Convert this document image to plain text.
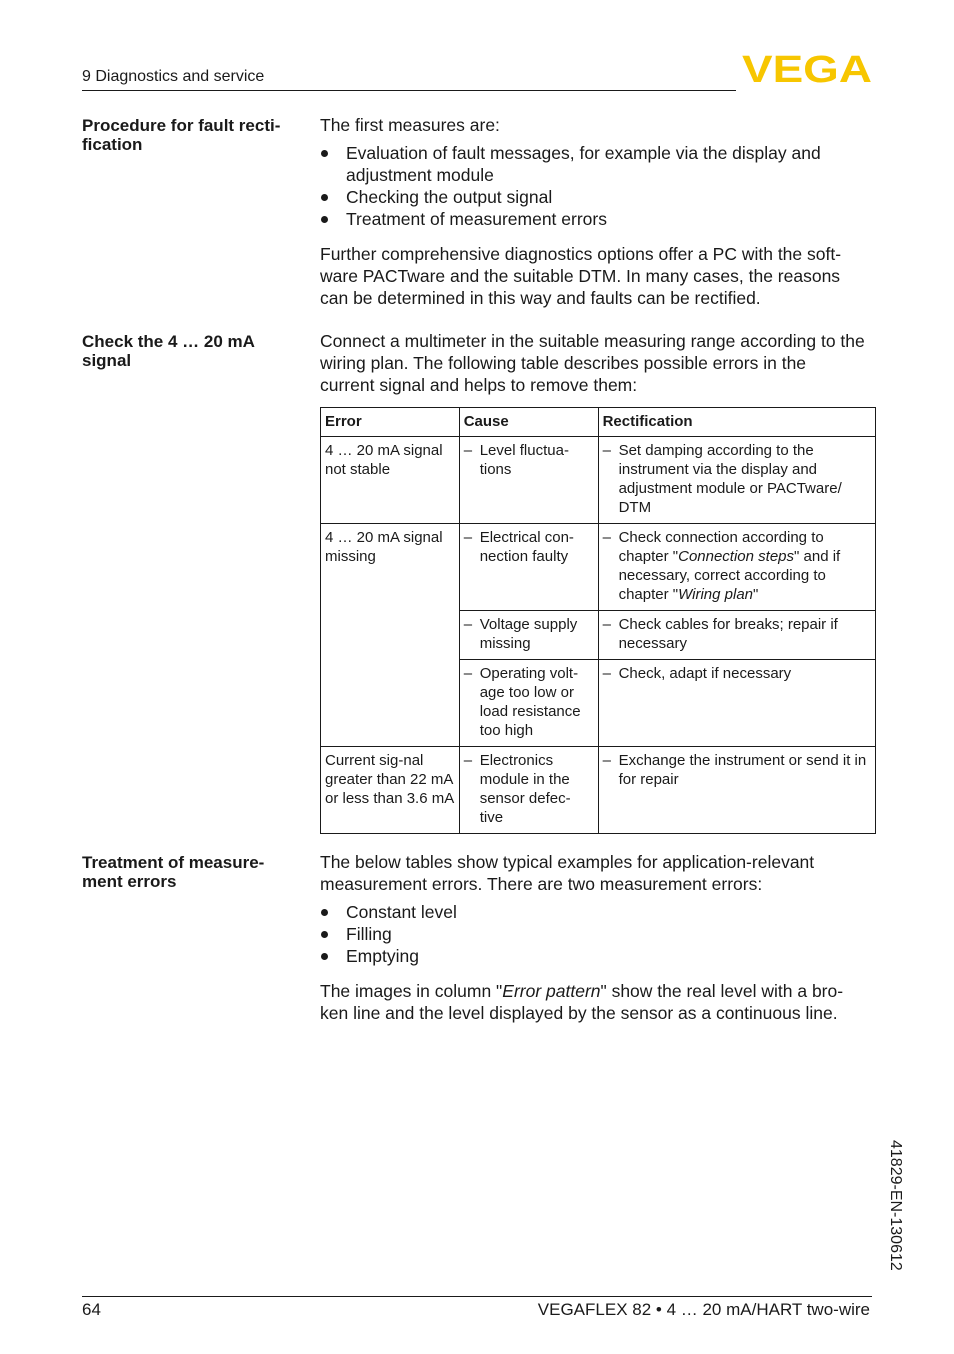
9 Diagnostics and service	VEGA
Procedure for fault recti-fication

The first measures are:

Evaluation of fault messages, for example via the display and adjustment module
Checking the output signal
Treatment of measurement errors

Further comprehensive diagnostics options offer a PC with the soft-ware PACTware and the suitable DTM. In many cases, the reasons can be determined in this way and faults can be rectified.

Check the 4 … 20 mA signal
Connect a multimeter in the suitable measuring range according to the wiring plan. The following table describes possible errors in the current signal and helps to remove them:
Error	Cause	Rectification
4 … 20 mA signal not stable	– Level fluctua-tions	– Set damping according to the instrument via the display and adjustment module or PACTware/ DTM

4 … 20 mA signal missing	– Electrical con-nection faulty	– Check connection according to chapter "Connection steps" and if necessary, correct according to chapter "Wiring plan"

	– Voltage supply missing	– Check cables for breaks; repair if necessary

	– Operating volt-age too low or load resistance too high	– Check, adapt if necessary

Current sig-nal greater than 22 mA or less than 3.6 mA	– Electronics module in the sensor defec-tive	– Exchange the instrument or send it in for repair
Treatment of measure-ment errors

The below tables show typical examples for application-relevant measurement errors. There are two measurement errors:

Constant level
Filling
Emptying

The images in column "Error pattern" show the real level with a bro-ken line and the level displayed by the sensor as a continuous line.

41829-EN-130612
64	VEGAFLEX 82 • 4 … 20 mA/HART two-wire
